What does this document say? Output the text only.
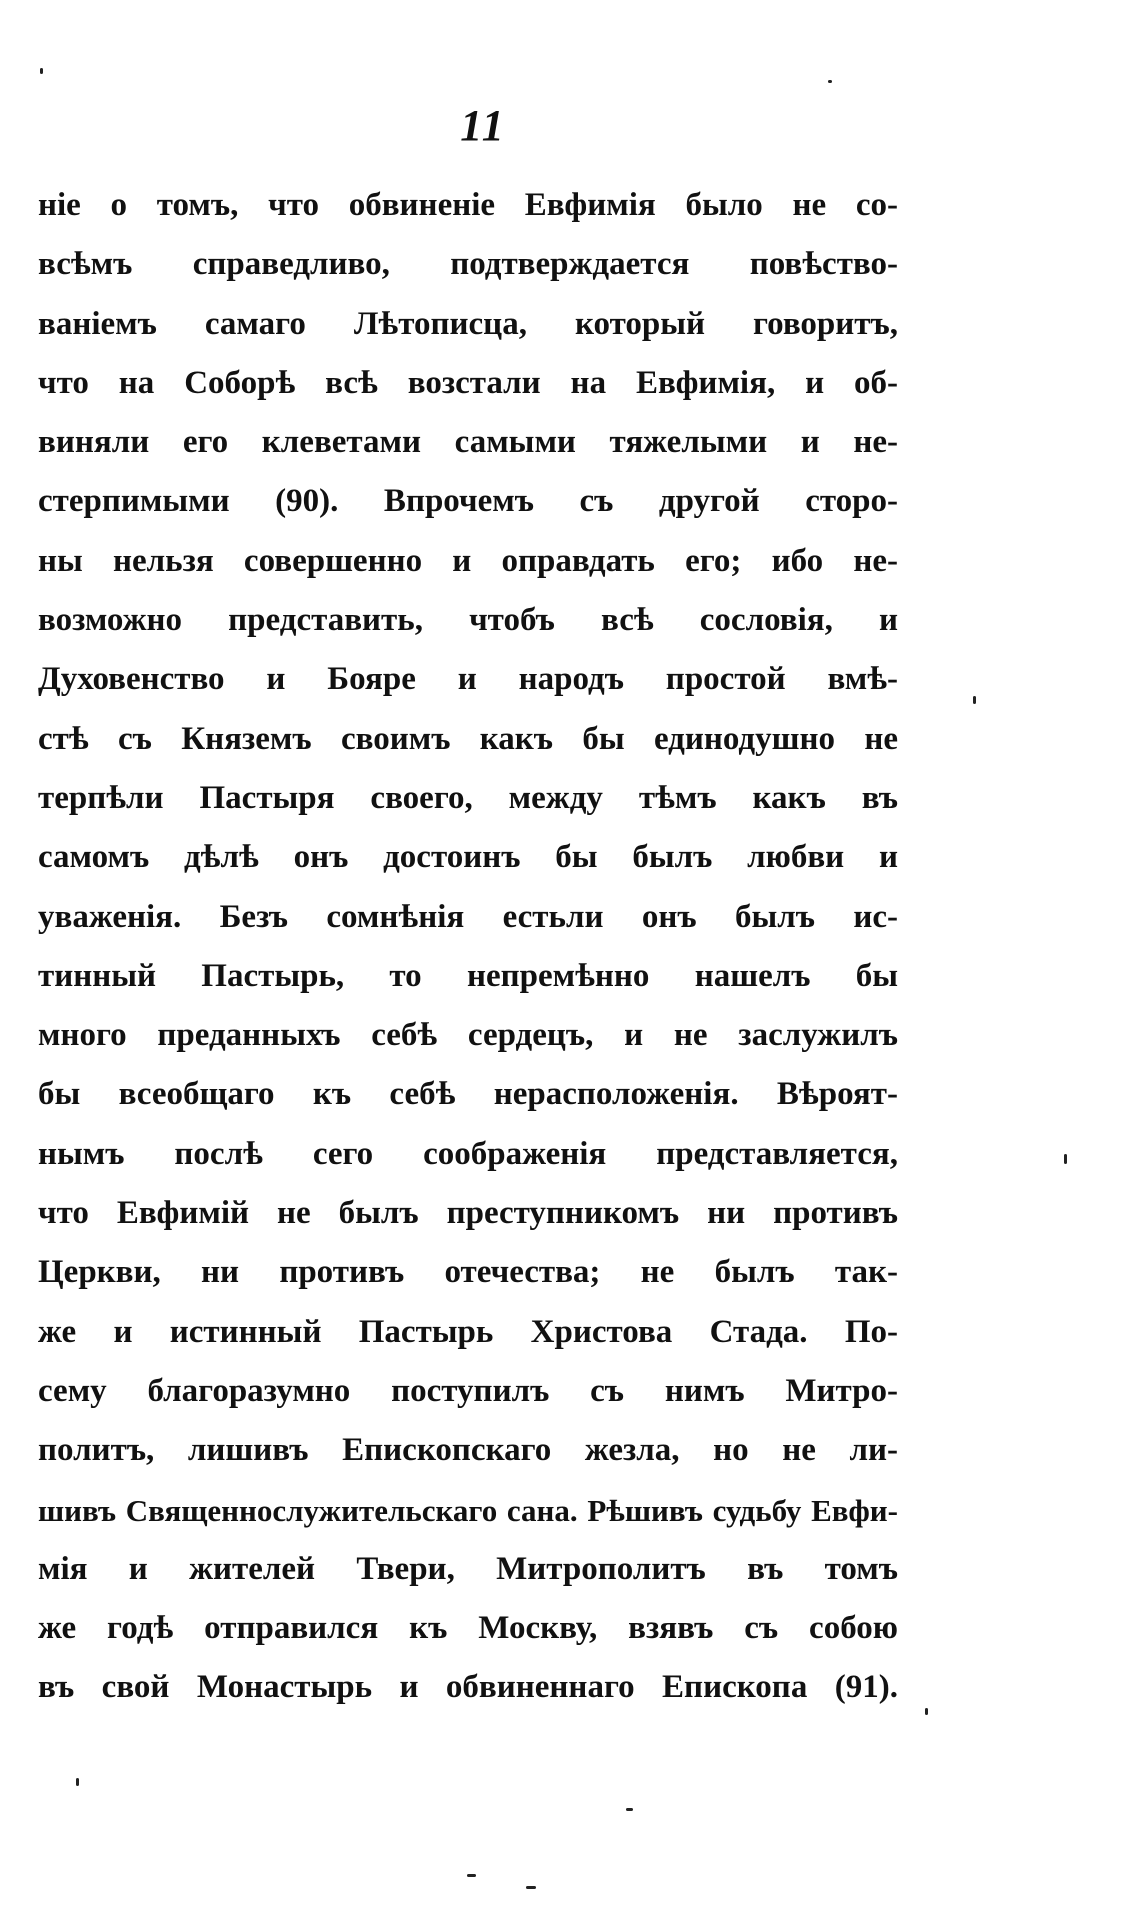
11
ніе о томъ, что обвиненіе Евфимія было не со-
всѣмъ справедливо, подтверждается повѣство-
ваніемъ самаго Лѣтописца, который говоритъ,
что на Соборѣ всѣ возстали на Евфимія, и об-
виняли его клеветами самыми тяжелыми и не-
стерпимыми (90). Впрочемъ съ другой сторо-
ны нельзя совершенно и оправдать его; ибо не-
возможно представить, чтобъ всѣ сословія, и
Духовенство и Бояре и народъ простой вмѣ-
стѣ съ Княземъ своимъ какъ бы единодушно не
терпѣли Пастыря своего, между тѣмъ какъ въ
самомъ дѣлѣ онъ достоинъ бы былъ любви и
уваженія. Безъ сомнѣнія естьли онъ былъ ис-
тинный Пастырь, то непремѣнно нашелъ бы
много преданныхъ себѣ сердецъ, и не заслужилъ
бы всеобщаго къ себѣ нерасположенія. Вѣроят-
нымъ послѣ сего соображенія представляется,
что Евфимій не былъ преступникомъ ни противъ
Церкви, ни противъ отечества; не былъ так-
же и истинный Пастырь Христова Стада. По-
сему благоразумно поступилъ съ нимъ Митро-
политъ, лишивъ Епископскаго жезла, но не ли-
шивъ Священнослужительскаго сана. Рѣшивъ судьбу Евфи-
мія и жителей Твери, Митрополитъ въ томъ
же годѣ отправился къ Москву, взявъ съ собою
въ свой Монастырь и обвиненнаго Епископа (91).
